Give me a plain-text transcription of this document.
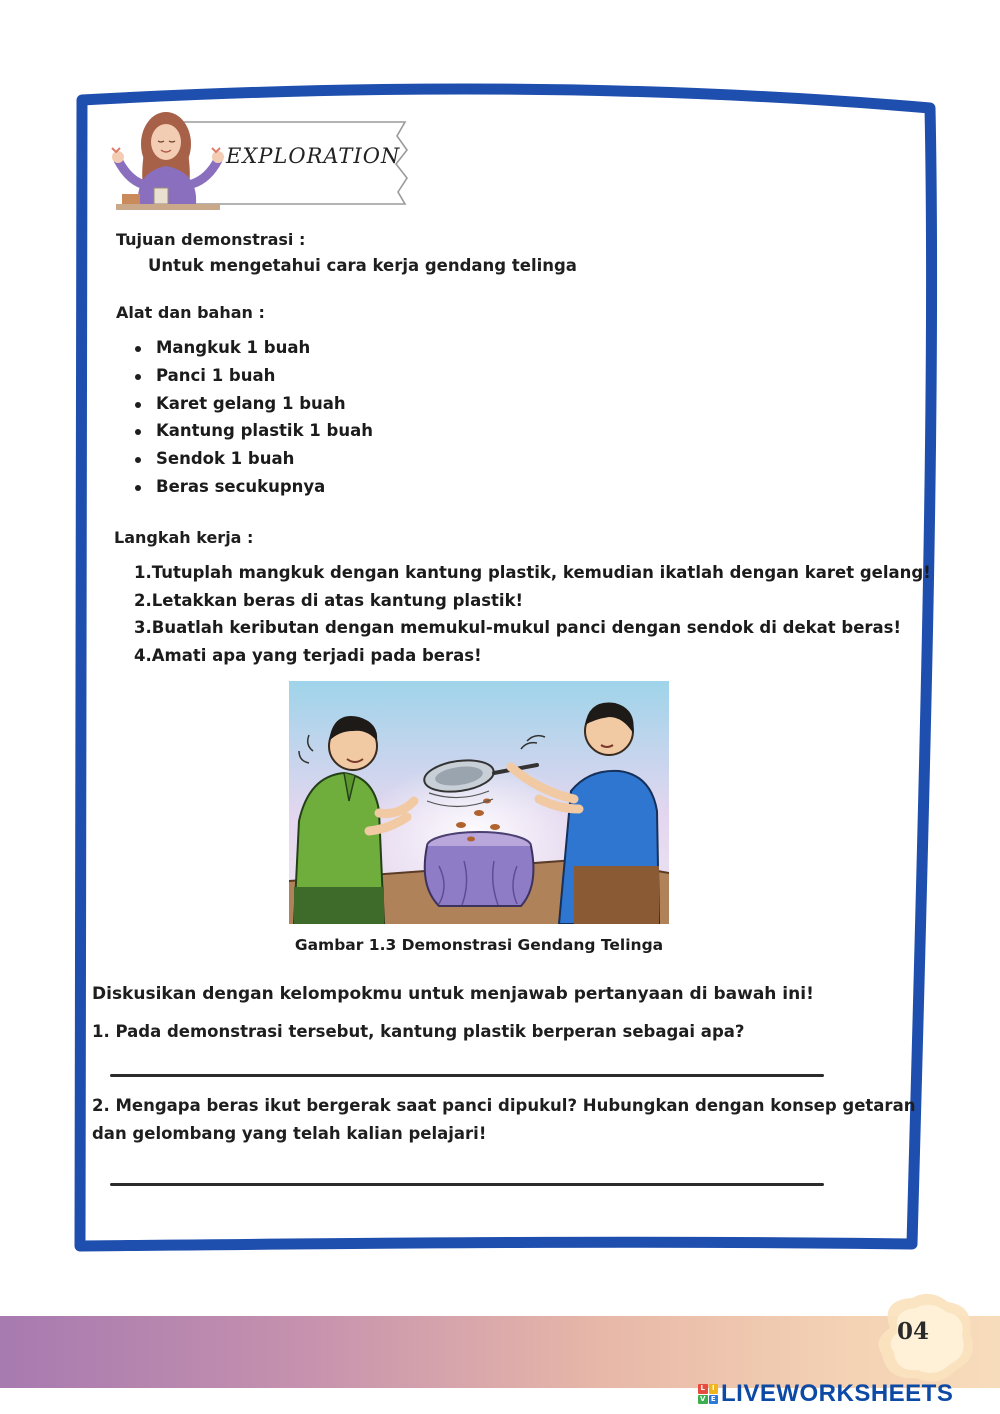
EXPLORATION
Tujuan demonstrasi :
Untuk mengetahui cara kerja gendang telinga
Alat dan bahan :
Mangkuk 1 buah
Panci 1 buah
Karet gelang 1 buah
Kantung plastik 1 buah
Sendok 1 buah
Beras secukupnya
Langkah kerja :
1.Tutuplah mangkuk dengan kantung plastik, kemudian ikatlah dengan karet gelang!
2.Letakkan beras di atas kantung plastik!
3.Buatlah keributan dengan memukul-mukul panci dengan sendok di dekat beras!
4.Amati apa yang terjadi pada beras!
Gambar 1.3 Demonstrasi Gendang Telinga
Diskusikan dengan kelompokmu untuk menjawab pertanyaan di bawah ini!
1. Pada demonstrasi tersebut, kantung plastik berperan sebagai apa?
2. Mengapa beras ikut bergerak saat panci dipukul? Hubungkan dengan konsep getaran
dan gelombang yang telah kalian pelajari!
04
L I
V E LIVEWORKSHEETS
